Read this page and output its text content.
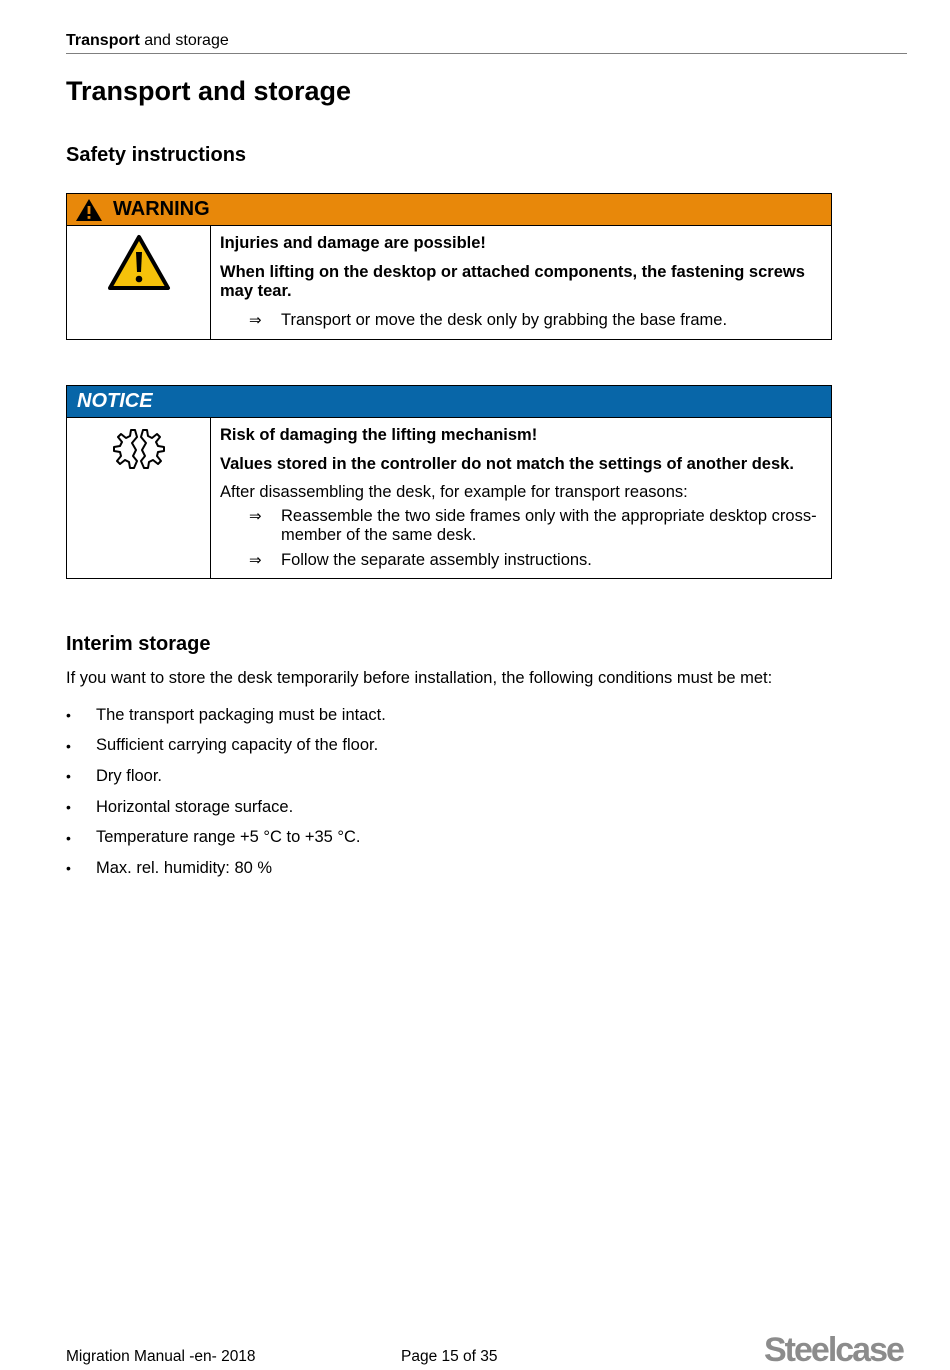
Transport and storage
Transport and storage
Safety instructions
WARNING

Injuries and damage are possible!

When lifting on the desktop or attached components, the fastening screws may tear.

⇒	Transport or move the desk only by grabbing the base frame.
NOTICE

Risk of damaging the lifting mechanism!

Values stored in the controller do not match the settings of another desk.

After disassembling the desk, for example for transport reasons:

⇒	Reassemble the two side frames only with the appropriate desktop cross-member of the same desk.
⇒	Follow the separate assembly instructions.
Interim storage
If you want to store the desk temporarily before installation, the following conditions must be met:
•	The transport packaging must be intact.
•	Sufficient carrying capacity of the floor.
•	Dry floor.
•	Horizontal storage surface.
•	Temperature range +5 °C to +35 °C.
•	Max. rel. humidity: 80 %
Migration Manual -en- 2018	Page 15 of 35	Steelcase
